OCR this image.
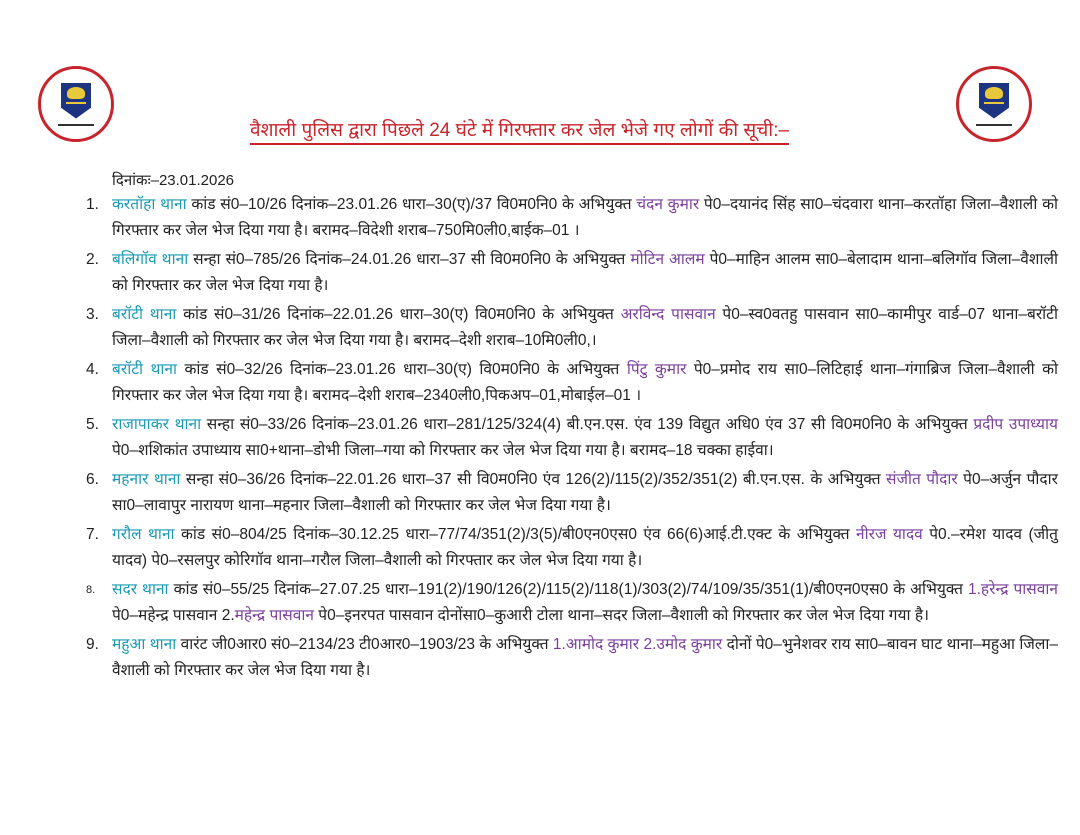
वैशाली पुलिस द्वारा पिछले 24 घंटे में गिरफ्तार कर जेल भेजे गए लोगों की सूची:–
दिनांकः–23.01.2026
1. करतॉहा थाना कांड सं0–10/26 दिनांक–23.01.26 धारा–30(ए)/37 वि0म0नि0 के अभियुक्त चंदन कुमार पे0–दयानंद सिंह सा0–चंदवारा थाना–करतॉहा जिला–वैशाली को गिरफ्तार कर जेल भेज दिया गया है। बरामद–विदेशी शराब–750मि0ली0,बाईक–01 ।
2. बलिगॉव थाना सन्हा सं0–785/26 दिनांक–24.01.26 धारा–37 सी वि0म0नि0 के अभियुक्त मोटिन आलम पे0–माहिन आलम सा0–बेलादाम थाना–बलिगॉव जिला–वैशाली को गिरफ्तार कर जेल भेज दिया गया है।
3. बरॉटी थाना कांड सं0–31/26 दिनांक–22.01.26 धारा–30(ए) वि0म0नि0 के अभियुक्त अरविन्द पासवान पे0–स्व0वतहु पासवान सा0–कामीपुर वार्ड–07 थाना–बरॉटी जिला–वैशाली को गिरफ्तार कर जेल भेज दिया गया है। बरामद–देशी शराब–10मि0ली0,।
4. बरॉटी थाना कांड सं0–32/26 दिनांक–23.01.26 धारा–30(ए) वि0म0नि0 के अभियुक्त पिंटु कुमार पे0–प्रमोद राय सा0–लिटिहाई थाना–गंगाब्रिज जिला–वैशाली को गिरफ्तार कर जेल भेज दिया गया है। बरामद–देशी शराब–2340ली0,पिकअप–01,मोबाईल–01 ।
5. राजापाकर थाना सन्हा सं0–33/26 दिनांक–23.01.26 धारा–281/125/324(4) बी.एन.एस. एंव 139 विद्युत अधि0 एंव 37 सी वि0म0नि0 के अभियुक्त प्रदीप उपाध्याय पे0–शशिकांत उपाध्याय सा0+थाना–डोभी जिला–गया को गिरफ्तार कर जेल भेज दिया गया है। बरामद–18 चक्का हाईवा।
6. महनार थाना सन्हा सं0–36/26 दिनांक–22.01.26 धारा–37 सी वि0म0नि0 एंव 126(2)/115(2)/352/351(2) बी.एन.एस. के अभियुक्त संजीत पौदार पे0–अर्जुन पौदार सा0–लावापुर नारायण थाना–महनार जिला–वैशाली को गिरफ्तार कर जेल भेज दिया गया है।
7. गरौल थाना कांड सं0–804/25 दिनांक–30.12.25 धारा–77/74/351(2)/3(5)/बी0एन0एस0 एंव 66(6)आई.टी.एक्ट के अभियुक्त नीरज यादव पे0.–रमेश यादव (जीतु यादव) पे0–रसलपुर कोरिगॉव थाना–गरौल जिला–वैशाली को गिरफ्तार कर जेल भेज दिया गया है।
8.	सदर थाना कांड सं0–55/25 दिनांक–27.07.25 धारा–191(2)/190/126(2)/115(2)/118(1)/303(2)/74/109/35/351(1)/बी0एन0एस0 के अभियुक्त 1.हरेन्द्र पासवान पे0–महेन्द्र पासवान 2.महेन्द्र पासवान पे0–इनरपत पासवान दोनोंसा0–कुआरी टोला थाना–सदर जिला–वैशाली को गिरफ्तार कर जेल भेज दिया गया है।
9. महुआ थाना वारंट जी0आर0 सं0–2134/23 टी0आर0–1903/23 के अभियुक्त 1.आमोद कुमार 2.उमोद कुमार दोनों पे0–भुनेशवर राय सा0–बावन घाट थाना–महुआ जिला–वैशाली को गिरफ्तार कर जेल भेज दिया गया है।
